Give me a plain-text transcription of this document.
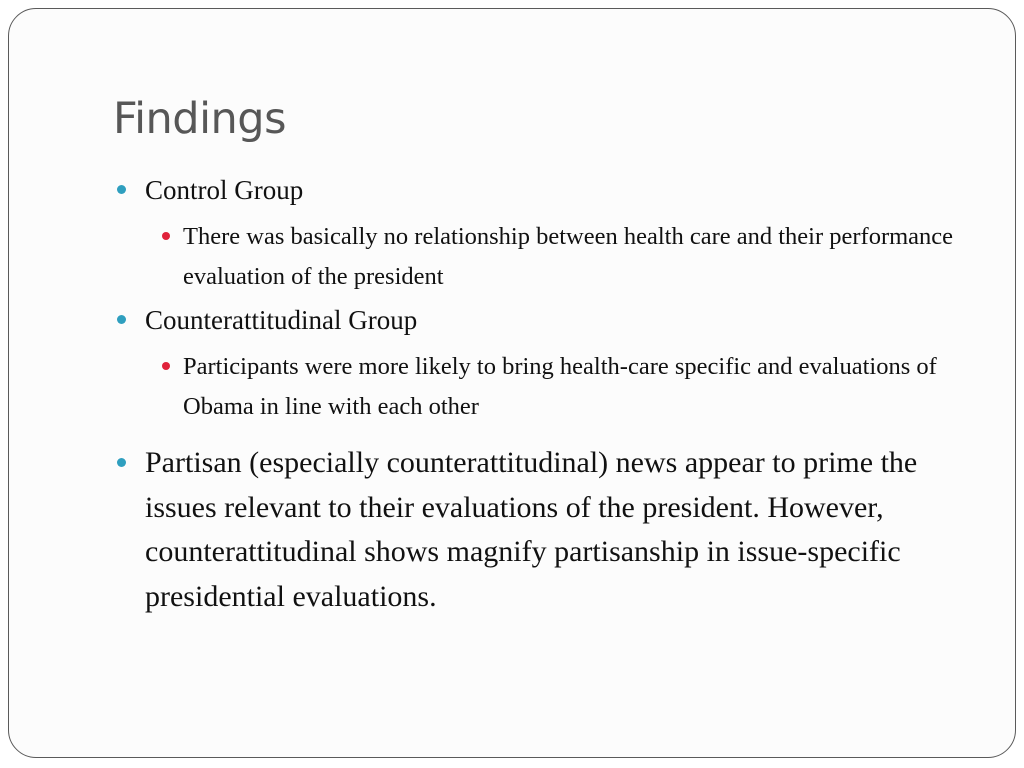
Findings
Control Group
There was basically no relationship between health care and their performance evaluation of the president
Counterattitudinal Group
Participants were more likely to bring health-care specific and evaluations of Obama in line with each other
Partisan (especially counterattitudinal) news appear to prime the issues relevant to their evaluations of the president. However, counterattitudinal shows magnify partisanship in issue-specific presidential evaluations.
